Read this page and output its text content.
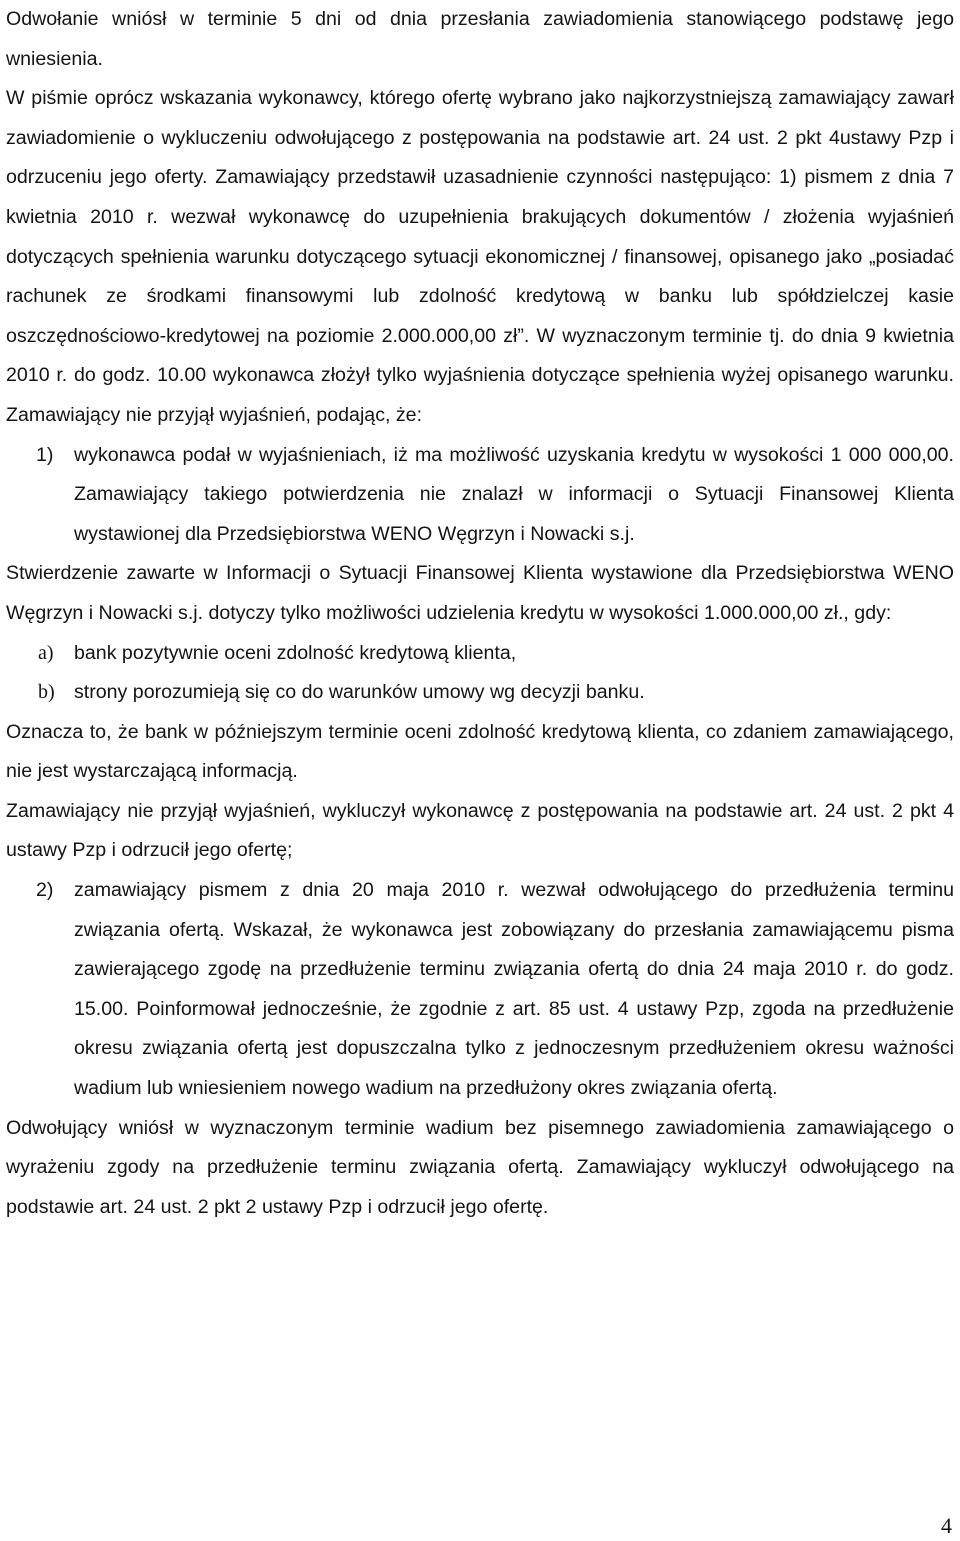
Odwołanie wniósł w terminie 5 dni od dnia przesłania zawiadomienia stanowiącego podstawę jego wniesienia.

W piśmie oprócz wskazania wykonawcy, którego ofertę wybrano jako najkorzystniejszą zamawiający zawarł zawiadomienie o wykluczeniu odwołującego z postępowania na podstawie art. 24 ust. 2 pkt 4ustawy Pzp i odrzuceniu jego oferty. Zamawiający przedstawił uzasadnienie czynności następująco: 1) pismem z dnia 7 kwietnia 2010 r. wezwał wykonawcę do uzupełnienia brakujących dokumentów / złożenia wyjaśnień dotyczących spełnienia warunku dotyczącego sytuacji ekonomicznej / finansowej, opisanego jako „posiadać rachunek ze środkami finansowymi lub zdolność kredytową w banku lub spółdzielczej kasie oszczędnościowo-kredytowej na poziomie 2.000.000,00 zł”. W wyznaczonym terminie tj. do dnia 9 kwietnia 2010 r. do godz. 10.00 wykonawca złożył tylko wyjaśnienia dotyczące spełnienia wyżej opisanego warunku. Zamawiający nie przyjął wyjaśnień, podając, że:

1)	wykonawca podał w wyjaśnieniach, iż ma możliwość uzyskania kredytu w wysokości 1 000 000,00. Zamawiający takiego potwierdzenia nie znalazł w informacji o Sytuacji Finansowej Klienta wystawionej dla Przedsiębiorstwa WENO Węgrzyn i Nowacki s.j.

Stwierdzenie zawarte w Informacji o Sytuacji Finansowej Klienta wystawione dla Przedsiębiorstwa WENO Węgrzyn i Nowacki s.j. dotyczy tylko możliwości udzielenia kredytu w wysokości 1.000.000,00 zł., gdy:

a)	bank pozytywnie oceni zdolność kredytową klienta,
b) strony porozumieją się co do warunków umowy wg decyzji banku.

Oznacza to, że bank w późniejszym terminie oceni zdolność kredytową klienta, co zdaniem zamawiającego, nie jest wystarczającą informacją.

Zamawiający nie przyjął wyjaśnień, wykluczył wykonawcę z postępowania na podstawie art. 24 ust. 2 pkt 4 ustawy Pzp i odrzucił jego ofertę;

2)	zamawiający pismem z dnia 20 maja 2010 r. wezwał odwołującego do przedłużenia terminu związania ofertą. Wskazał, że wykonawca jest zobowiązany do przesłania zamawiającemu pisma zawierającego zgodę na przedłużenie terminu związania ofertą do dnia 24 maja 2010 r. do godz. 15.00. Poinformował jednocześnie, że zgodnie z art. 85 ust. 4 ustawy Pzp, zgoda na przedłużenie okresu związania ofertą jest dopuszczalna tylko z jednoczesnym przedłużeniem okresu ważności wadium lub wniesieniem nowego wadium na przedłużony okres związania ofertą.

Odwołujący wniósł w wyznaczonym terminie wadium bez pisemnego zawiadomienia zamawiającego o wyrażeniu zgody na przedłużenie terminu związania ofertą. Zamawiający wykluczył odwołującego na podstawie art. 24 ust. 2 pkt 2 ustawy Pzp i odrzucił jego ofertę.

4
